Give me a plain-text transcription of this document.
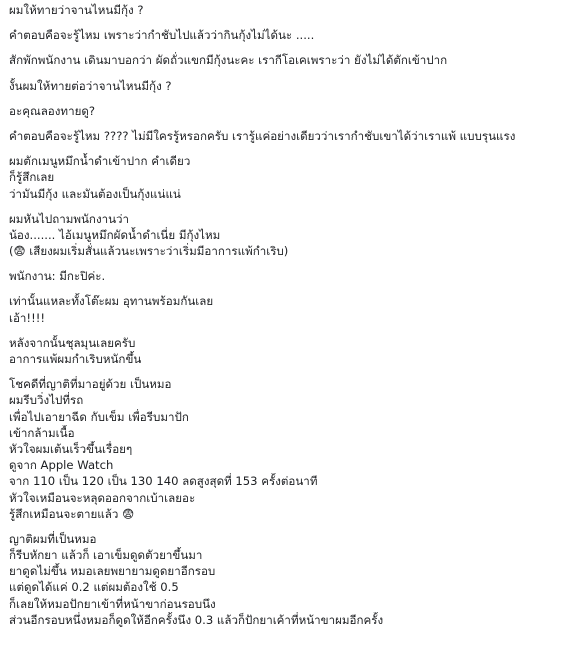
ผมให้ทายว่าจานไหนมีกุ้ง ?
คำตอบคือจะรู้ไหม เพราะว่ากำชับไปแล้วว่ากินกุ้งไม่ได้นะ .....
สักพักพนักงาน เดินมาบอกว่า ผัดถั่วแขกมีกุ้งนะคะ เรากีโอเคเพราะว่า ยังไม่ได้ตักเข้าปาก
งั้นผมให้ทายต่อว่าจานไหนมีกุ้ง ?
อะคุณลองทายดู?
คำตอบคือจะรู้ไหม ???? ไม่มีใครรู้หรอกครับ เรารู้แค่อย่างเดียวว่าเรากำชับเขาได้ว่าเราแพ้ แบบรุนแรง
ผมตักเมนูหมึกน้ำดำเข้าปาก คำเดียว
ก็รู้สึกเลย
ว่ามันมีกุ้ง และมันต้องเป็นกุ้งแน่แน่
ผมหันไปถามพนักงานว่า
น้อง....... ไอ้เมนูหมึกผัดน้ำดำเนี่ย มีกุ้งไหม
(😨 เสียงผมเริ่มสั่นแล้วนะเพราะว่าเริ่มมีอาการแพ้กำเริบ)
พนักงาน: มีกะปิค่ะ.
เท่านั้นแหละทั้งโต๊ะผม อุทานพร้อมกันเลย
เอ้า!!!!
หลังจากนั้นชุลมุนเลยครับ
อาการแพ้ผมกำเริบหนักขึ้น
โชคดีที่ญาติที่มาอยู่ด้วย เป็นหมอ
ผมรีบวิ่งไปที่รถ
เพื่อไปเอายาฉีด กับเข็ม เพื่อรีบมาปัก
เข้ากล้ามเนื้อ
หัวใจผมเต้นเร็วขึ้นเรื่อยๆ
ดูจาก Apple Watch
จาก 110 เป็น 120 เป็น 130 140 ลดสูงสุดที่ 153 ครั้งต่อนาที
หัวใจเหมือนจะหลุดออกจากเบ้าเลยอะ
รู้สึกเหมือนจะตายแล้ว 😨
ญาติผมที่เป็นหมอ
ก็รีบหักยา แล้วก็ เอาเข็มดูดตัวยาขึ้นมา
ยาดูดไม่ขึ้น หมอเลยพยายามดูดยาอีกรอบ
แต่ดูดได้แค่ 0.2 แต่ผมต้องใช้ 0.5
ก็เลยให้หมอปักยาเข้าที่หน้าขาก่อนรอบนึง
ส่วนอีกรอบหนึ่งหมอก็ดูดให้อีกครั้งนึง 0.3 แล้วก็ปักยาเค้าที่หน้าขาผมอีกครั้ง
